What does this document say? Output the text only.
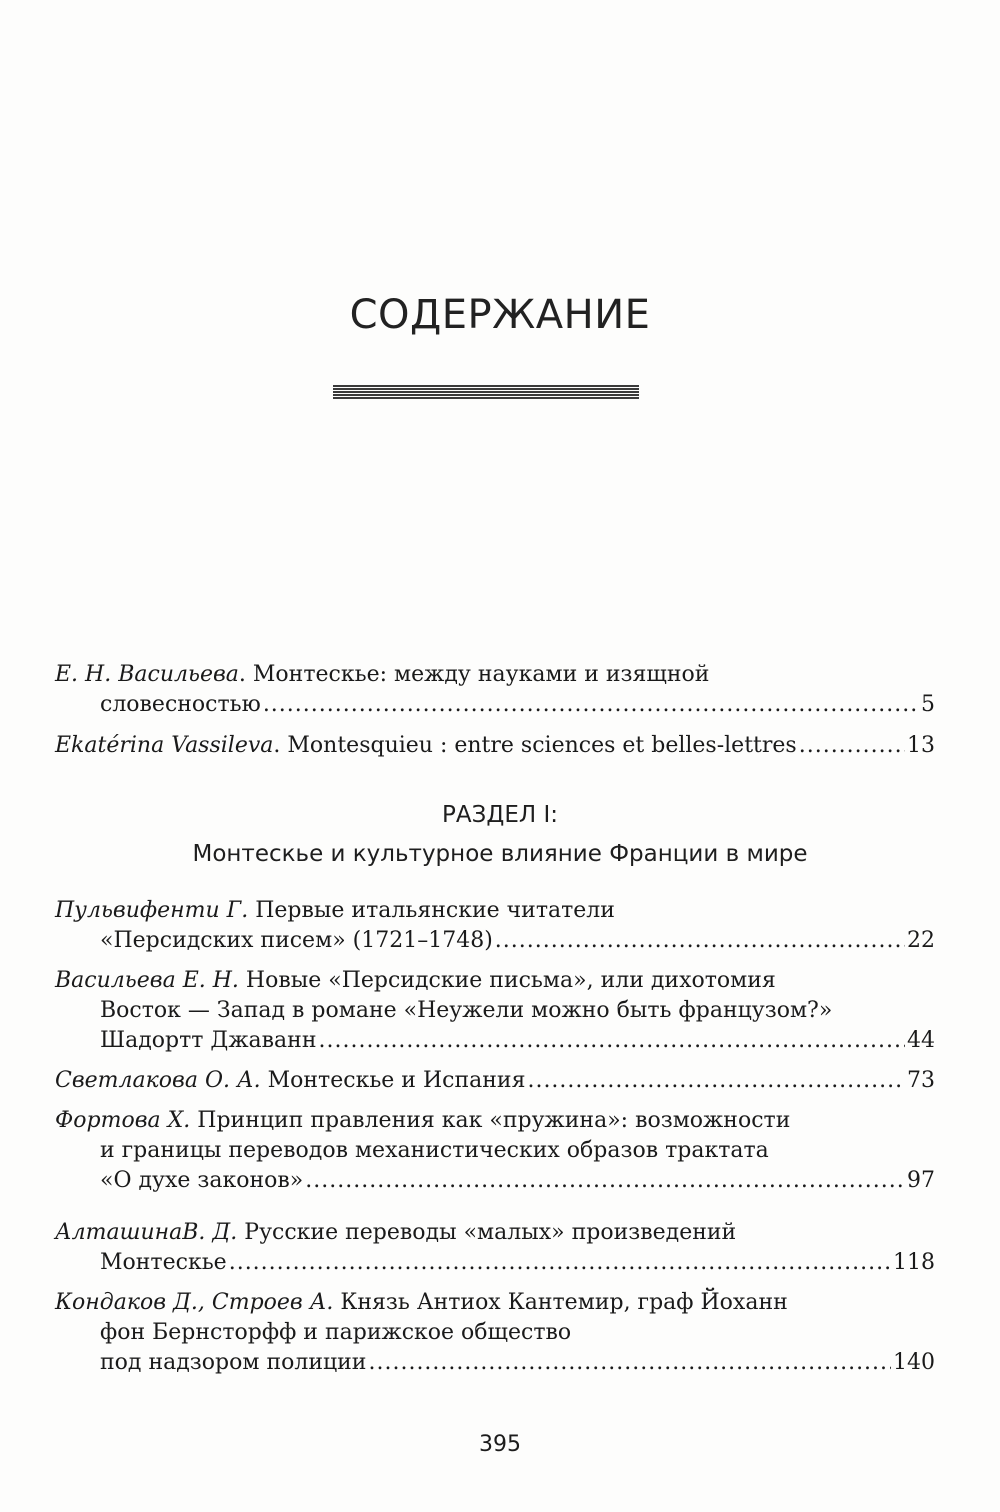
СОДЕРЖАНИЕ
Е. Н. Васильева. Монтескье: между науками и изящной
словесностью .....	5
Ekatérina Vassileva. Montesquieu : entre sciences et belles-lettres .....	13
РАЗДЕЛ I:
Монтескье и культурное влияние Франции в мире
Пульвифенти Г. Первые итальянские читатели
«Персидских писем» (1721–1748) .....	22
Васильева Е. Н. Новые «Персидские письма», или дихотомия
Восток — Запад в романе «Неужели можно быть французом?»
Шадортт Джаванн .....	44
Светлакова О. А. Монтескье и Испания .....	73
Фортова Х. Принцип правления как «пружина»: возможности
и границы переводов механистических образов трактата
«О духе законов» .....	97
АлташинаВ. Д. Русские переводы «малых» произведений
Монтескье .....	118
Кондаков Д., Строев А. Князь Антиох Кантемир, граф Йоханн
фон Бернсторфф и парижское общество
под надзором полиции .....	140
395
